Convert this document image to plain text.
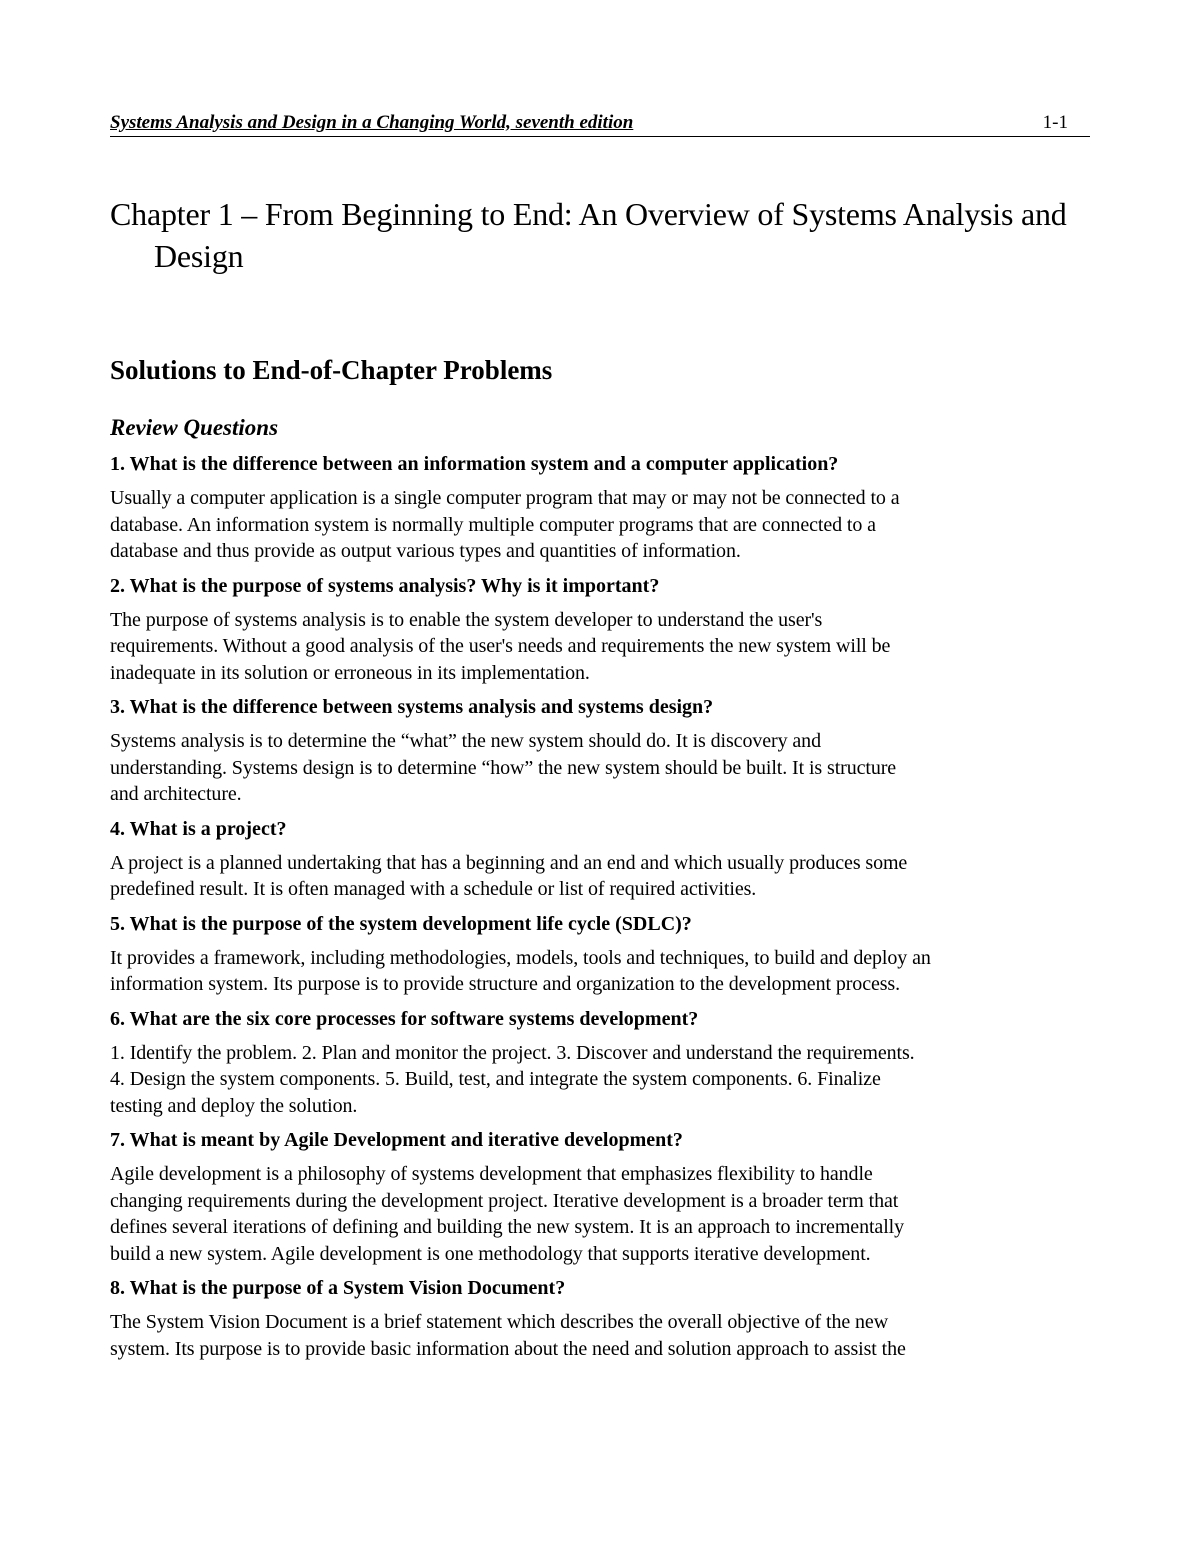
Systems Analysis and Design in a Changing World, seventh edition	1-1
Chapter 1 – From Beginning to End: An Overview of Systems Analysis and Design
Solutions to End-of-Chapter Problems
Review Questions

1. What is the difference between an information system and a computer application?

Usually a computer application is a single computer program that may or may not be connected to a
database. An information system is normally multiple computer programs that are connected to a
database and thus provide as output various types and quantities of information.

2. What is the purpose of systems analysis? Why is it important?

The purpose of systems analysis is to enable the system developer to understand the user's
requirements. Without a good analysis of the user's needs and requirements the new system will be
inadequate in its solution or erroneous in its implementation.

3. What is the difference between systems analysis and systems design?

Systems analysis is to determine the “what” the new system should do. It is discovery and
understanding. Systems design is to determine “how” the new system should be built. It is structure
and architecture.

4. What is a project?

A project is a planned undertaking that has a beginning and an end and which usually produces some
predefined result. It is often managed with a schedule or list of required activities.

5. What is the purpose of the system development life cycle (SDLC)?

It provides a framework, including methodologies, models, tools and techniques, to build and deploy an
information system. Its purpose is to provide structure and organization to the development process.

6. What are the six core processes for software systems development?

1. Identify the problem. 2. Plan and monitor the project. 3. Discover and understand the requirements.
4. Design the system components. 5. Build, test, and integrate the system components. 6. Finalize
testing and deploy the solution.

7. What is meant by Agile Development and iterative development?

Agile development is a philosophy of systems development that emphasizes flexibility to handle
changing requirements during the development project. Iterative development is a broader term that
defines several iterations of defining and building the new system. It is an approach to incrementally
build a new system. Agile development is one methodology that supports iterative development.

8. What is the purpose of a System Vision Document?

The System Vision Document is a brief statement which describes the overall objective of the new
system. Its purpose is to provide basic information about the need and solution approach to assist the
